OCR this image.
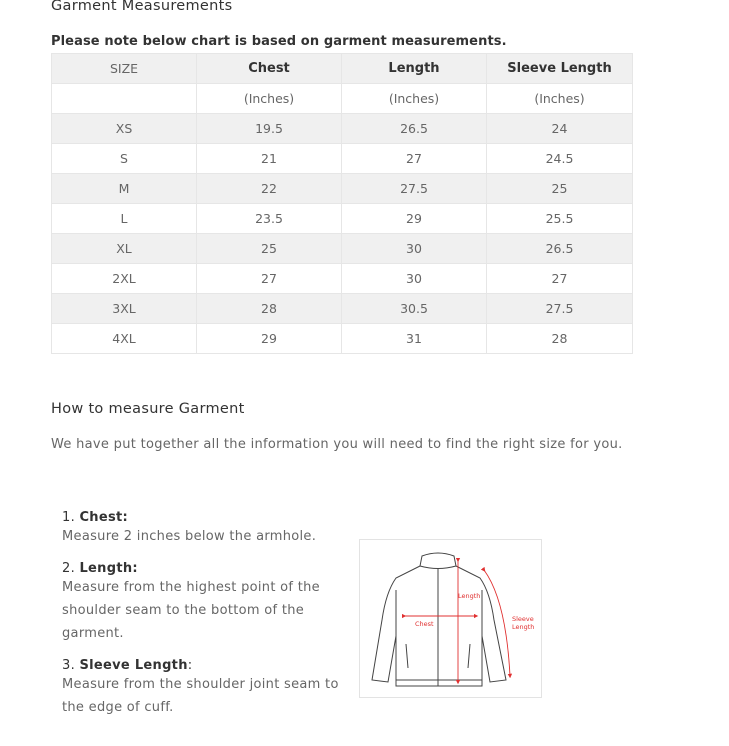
Garment Measurements
Please note below chart is based on garment measurements.
SIZE	Chest	Length	Sleeve Length
	(Inches)	(Inches)	(Inches)
XS	19.5	26.5	24
S	21	27	24.5
M	22	27.5	25
L	23.5	29	25.5
XL	25	30	26.5
2XL	27	30	27
3XL	28	30.5	27.5
4XL	29	31	28
How to measure Garment
We have put together all the information you will need to find the right size for you.
1. Chest:
Measure 2 inches below the armhole.
2. Length:
Measure from the highest point of the shoulder seam to the bottom of the garment.
3. Sleeve Length:
Measure from the shoulder joint seam to the edge of cuff.
Chest
Length
Sleeve
Length
